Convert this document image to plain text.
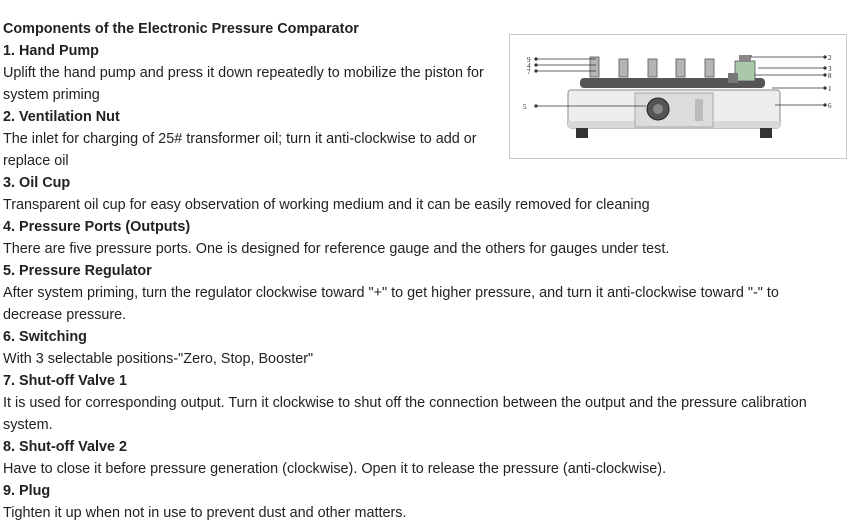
Components of the Electronic Pressure Comparator
1. Hand Pump
Uplift the hand pump and press it down repeatedly to mobilize the piston for system priming
2. Ventilation Nut
The inlet for charging of 25# transformer oil; turn it anti-clockwise to add or replace oil
3. Oil Cup
Transparent oil cup for easy observation of working medium and it can be easily removed for cleaning
4. Pressure Ports (Outputs)
There are five pressure ports. One is designed for reference gauge and the others for gauges under test.
5. Pressure Regulator
After system priming, turn the regulator clockwise toward "+" to get higher pressure, and turn it anti-clockwise toward "-" to decrease pressure.
6. Switching
With 3 selectable positions-"Zero, Stop, Booster"
7. Shut-off Valve 1
It is used for corresponding output. Turn it clockwise to shut off the connection between the output and the pressure calibration system.
8. Shut-off Valve 2
Have to close it before pressure generation (clockwise). Open it to release the pressure (anti-clockwise).
9. Plug
Tighten it up when not in use to prevent dust and other matters.
9
4
7
5
2
3
8
1
6
